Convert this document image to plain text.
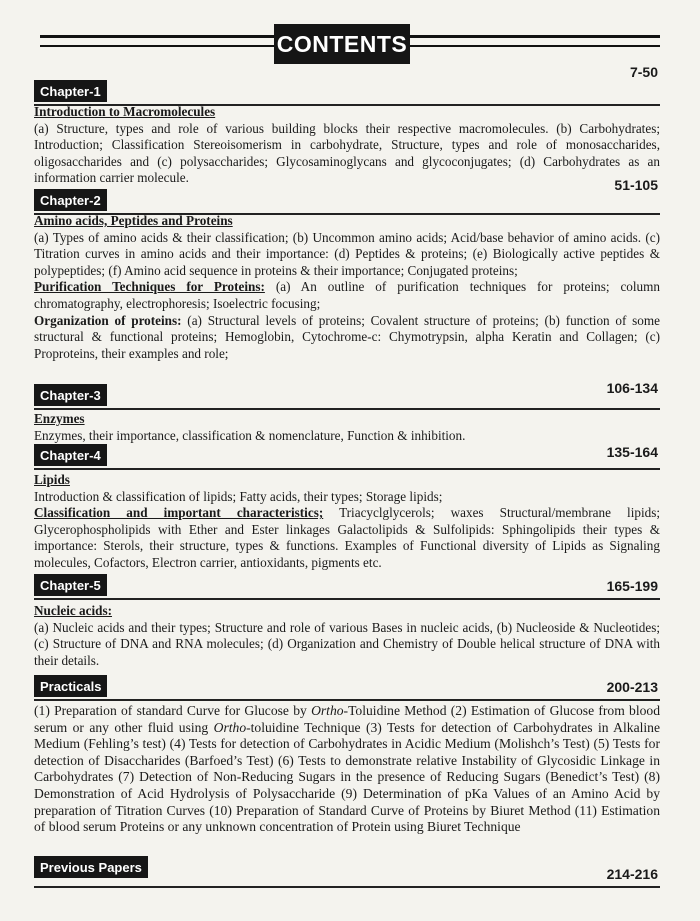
CONTENTS
7-50
Chapter-1

Introduction to Macromolecules

(a) Structure, types and role of various building blocks their respective macromolecules. (b) Carbohydrates; Introduction; Classification Stereoisomerism in carbohydrate, Structure, types and role of monosaccharides, oligosaccharides and (c) polysaccharides; Glycosaminoglycans and glycoconjugates; (d) Carbohydrates as an information carrier molecule.	51-105
Chapter-2

Amino acids, Peptides and Proteins

(a) Types of amino acids & their classification; (b) Uncommon amino acids; Acid/base behavior of amino acids. (c) Titration curves in amino acids and their importance: (d) Peptides & proteins; (e) Biologically active peptides & polypeptides; (f) Amino acid sequence in proteins & their importance; Conjugated proteins;

Purification Techniques for Proteins: (a) An outline of purification techniques for proteins; column chromatography, electrophoresis; Isoelectric focusing;

Organization of proteins: (a) Structural levels of proteins; Covalent structure of proteins; (b) function of some structural & functional proteins; Hemoglobin, Cytochrome-c: Chymotrypsin, alpha Keratin and Collagen; (c) Proproteins, their examples and role;

106-134
Chapter-3

Enzymes

Enzymes, their importance, classification & nomenclature, Function & inhibition.

135-164
Chapter-4

Lipids

Introduction & classification of lipids; Fatty acids, their types; Storage lipids;

Classification and important characteristics; Triacyclglycerols; waxes Structural/membrane lipids; Glycerophospholipids with Ether and Ester linkages Galactolipids & Sulfolipids: Sphingolipids their types & importance: Sterols, their structure, types & functions. Examples of Functional diversity of Lipids as Signaling molecules, Cofactors, Electron carrier, antioxidants, pigments etc.

165-199
Chapter-5

Nucleic acids:

(a) Nucleic acids and their types; Structure and role of various Bases in nucleic acids, (b) Nucleoside & Nucleotides; (c) Structure of DNA and RNA molecules; (d) Organization and Chemistry of Double helical structure of DNA with their details.

200-213
Practicals

(1) Preparation of standard Curve for Glucose by Ortho-Toluidine Method (2) Estimation of Glucose from blood serum or any other fluid using Ortho-toluidine Technique (3) Tests for detection of Carbohydrates in Alkaline Medium (Fehling’s test) (4) Tests for detection of Carbohydrates in Acidic Medium (Molishch’s Test) (5) Tests for detection of Disaccharides (Barfoed’s Test) (6) Tests to demonstrate relative Instability of Glycosidic Linkage in Carbohydrates (7) Detection of Non-Reducing Sugars in the presence of Reducing Sugars (Benedict’s Test) (8) Demonstration of Acid Hydrolysis of Polysaccharide (9) Determination of pKa Values of an Amino Acid by preparation of Titration Curves (10) Preparation of Standard Curve of Proteins by Biuret Method (11) Estimation of blood serum Proteins or any unknown concentration of Protein using Biuret Technique

214-216
Previous Papers
